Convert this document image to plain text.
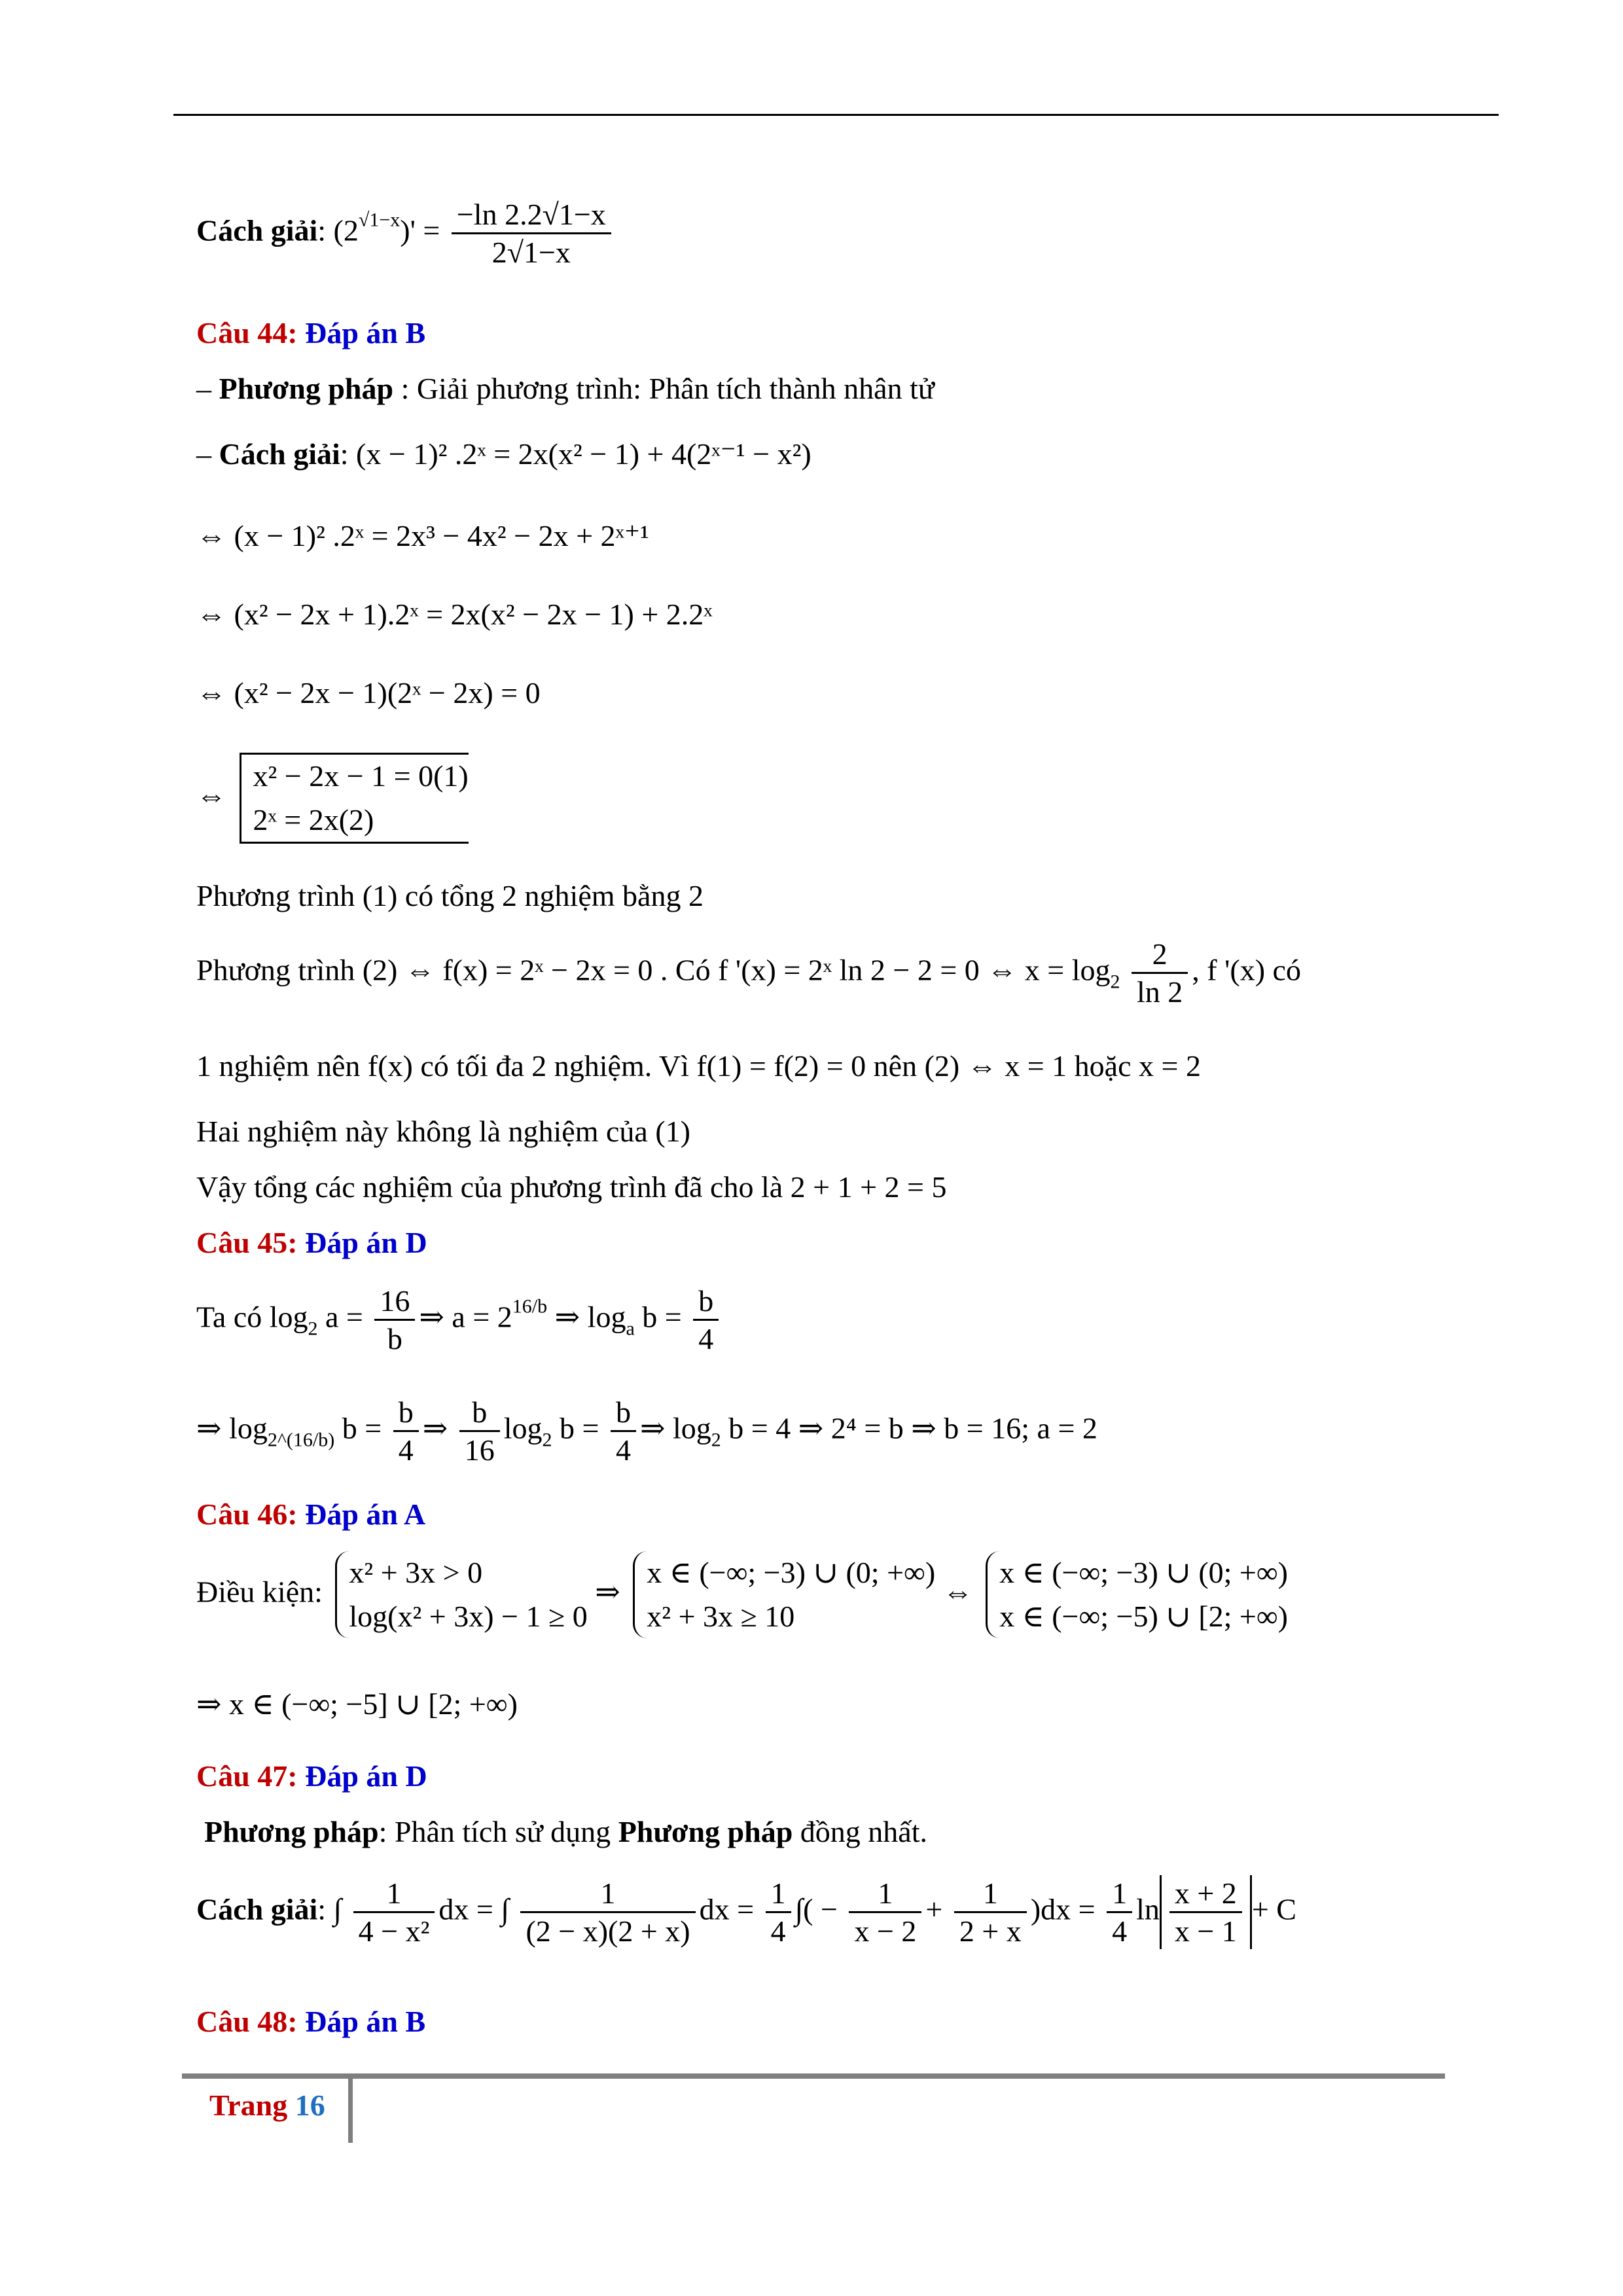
Cách giải: $(2^{√1-x})' = \frac{-\ln 2.2√1-x}{2√1-x}$
Câu 44: Đáp án B
– Phương pháp : Giải phương trình: Phân tích thành nhân tử
– Cách giải: (x − 1)² .2ˣ = 2x(x² − 1) + 4(2ˣ⁻¹ − x²)
⇔ (x − 1)² .2ˣ = 2x³ − 4x² − 2x + 2ˣ⁺¹
⇔ (x² − 2x + 1).2ˣ = 2x(x² − 2x − 1) + 2.2ˣ
⇔ (x² − 2x − 1)(2ˣ − 2x) = 0
⇔
x² − 2x − 1 = 0(1)
2ˣ = 2x(2)
Phương trình (1) có tổng 2 nghiệm bằng 2
Phương trình (2) ⇔ f(x) = 2ˣ − 2x = 0 . Có f '(x) = 2ˣ ln 2 − 2 = 0 ⇔ $x = \log_2 \frac{2}{\ln 2}$ , f '(x) có
1 nghiệm nên f(x) có tối đa 2 nghiệm. Vì f(1) = f(2) = 0 nên (2) ⇔ x = 1 hoặc x = 2
Hai nghiệm này không là nghiệm của (1)
Vậy tổng các nghiệm của phương trình đã cho là 2 + 1 + 2 = 5
Câu 45: Đáp án D
Ta có $\log_2 a = \frac{16}{b}$ ⇒ $a = 2^{16/b}$ ⇒ $\log_a b = \frac{b}{4}$
⇒ $\log_{2\^{}(16/b)} b = \frac{b}{4}$ ⇒ $\frac{b}{16} \log_2 b = \frac{b}{4}$ ⇒ $\log_2 b = 4$ ⇒ 2⁴ = b ⇒ b = 16; a = 2
Câu 46: Đáp án A
Điều kiện:
x² + 3x > 0
log(x² + 3x) − 1 ≥ 0
⇒
x ∈ (−∞; −3) ∪ (0; +∞)
x² + 3x ≥ 10
⇔
x ∈ (−∞; −3) ∪ (0; +∞)
x ∈ (−∞; −5) ∪ [2; +∞)
⇒ x ∈ (−∞; −5] ∪ [2; +∞)
Câu 47: Đáp án D
Phương pháp: Phân tích sử dụng Phương pháp đồng nhất.
Cách giải: ∫ $\frac{1}{\text{4 − x²}}$ dx = ∫ $\frac{1}{(2 - x)(2 + x)}$ dx = $\frac{1}{4}$ ∫( − $\frac{1}{x - 2} + \frac{1}{2 + x} )dx = \frac{1}{4}$ $\ln \frac{x + 2}{x - 1} + C$
Câu 48: Đáp án B
Trang 16
